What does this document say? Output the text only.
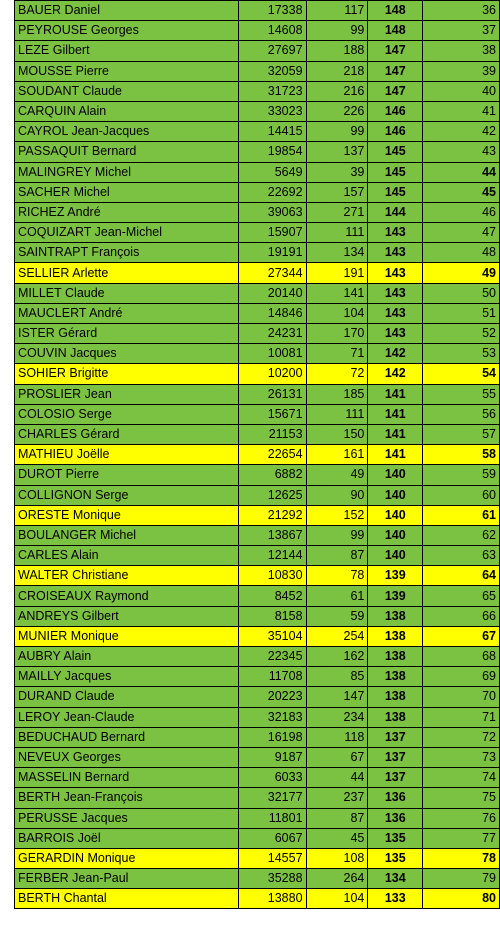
BAUER Daniel	17338	117	148	36
PEYROUSE Georges	14608	99	148	37
LEZE Gilbert	27697	188	147	38
MOUSSE Pierre	32059	218	147	39
SOUDANT Claude	31723	216	147	40
CARQUIN Alain	33023	226	146	41
CAYROL Jean-Jacques	14415	99	146	42
PASSAQUIT Bernard	19854	137	145	43
MALINGREY Michel	5649	39	145	44
SACHER Michel	22692	157	145	45
RICHEZ André	39063	271	144	46
COQUIZART Jean-Michel	15907	111	143	47
SAINTRAPT François	19191	134	143	48
SELLIER Arlette	27344	191	143	49
MILLET Claude	20140	141	143	50
MAUCLERT André	14846	104	143	51
ISTER Gérard	24231	170	143	52
COUVIN Jacques	10081	71	142	53
SOHIER Brigitte	10200	72	142	54
PROSLIER Jean	26131	185	141	55
COLOSIO Serge	15671	111	141	56
CHARLES Gérard	21153	150	141	57
MATHIEU Joëlle	22654	161	141	58
DUROT Pierre	6882	49	140	59
COLLIGNON Serge	12625	90	140	60
ORESTE Monique	21292	152	140	61
BOULANGER Michel	13867	99	140	62
CARLES Alain	12144	87	140	63
WALTER Christiane	10830	78	139	64
CROISEAUX Raymond	8452	61	139	65
ANDREYS Gilbert	8158	59	138	66
MUNIER Monique	35104	254	138	67
AUBRY Alain	22345	162	138	68
MAILLY Jacques	11708	85	138	69
DURAND Claude	20223	147	138	70
LEROY Jean-Claude	32183	234	138	71
BEDUCHAUD Bernard	16198	118	137	72
NEVEUX Georges	9187	67	137	73
MASSELIN Bernard	6033	44	137	74
BERTH Jean-François	32177	237	136	75
PERUSSE Jacques	11801	87	136	76
BARROIS Joël	6067	45	135	77
GERARDIN Monique	14557	108	135	78
FERBER Jean-Paul	35288	264	134	79
BERTH Chantal	13880	104	133	80
